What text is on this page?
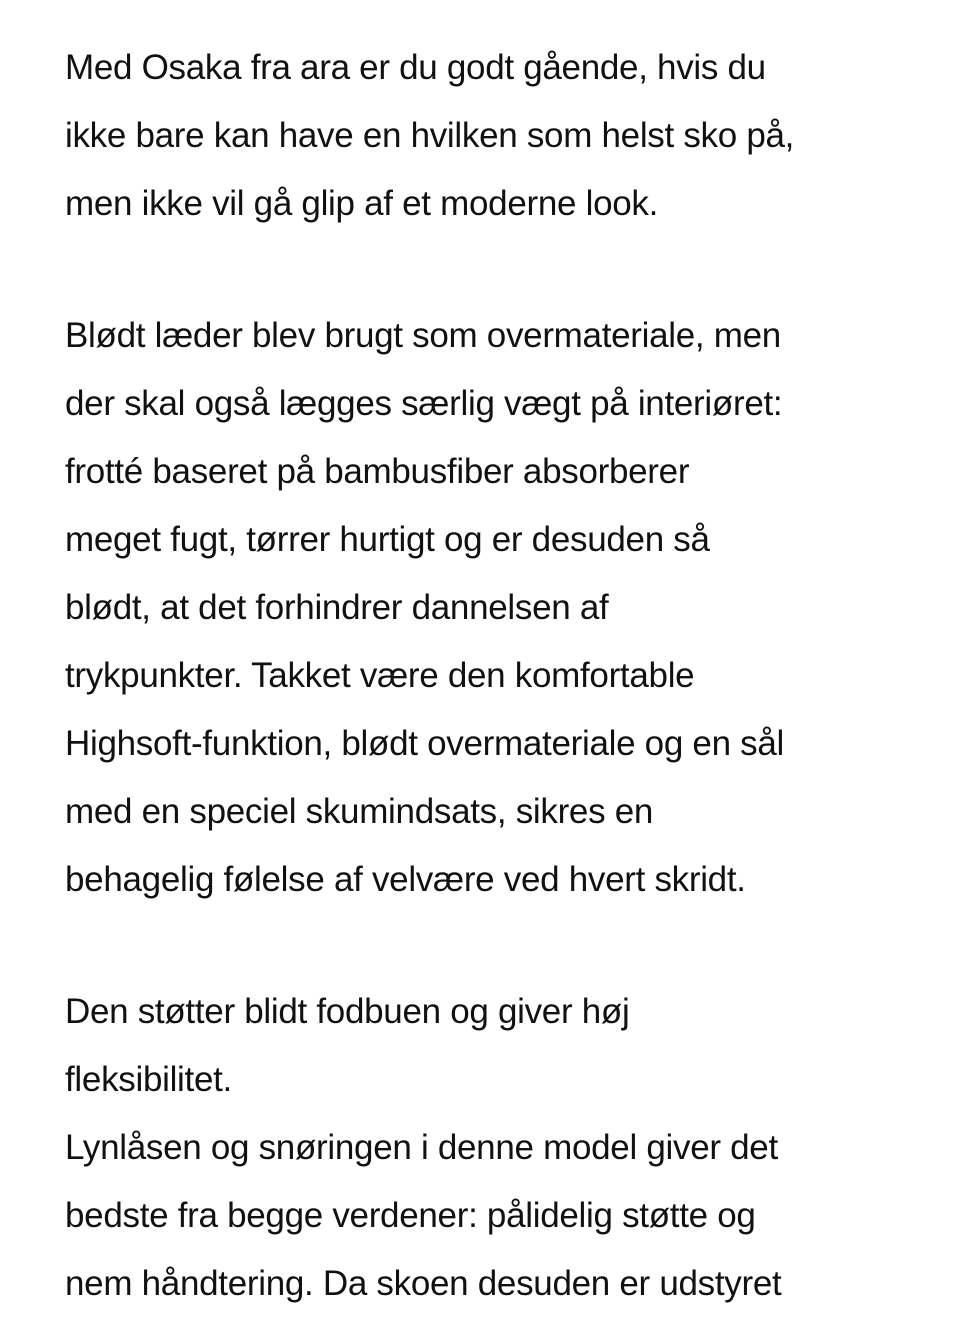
Med Osaka fra ara er du godt gående, hvis du
ikke bare kan have en hvilken som helst sko på,
men ikke vil gå glip af et moderne look.
Blødt læder blev brugt som overmateriale, men
der skal også lægges særlig vægt på interiøret:
frotté baseret på bambusfiber absorberer
meget fugt, tørrer hurtigt og er desuden så
blødt, at det forhindrer dannelsen af
trykpunkter. Takket være den komfortable
Highsoft-funktion, blødt overmateriale og en sål
med en speciel skumindsats, sikres en
behagelig følelse af velvære ved hvert skridt.
Den støtter blidt fodbuen og giver høj
fleksibilitet.
Lynlåsen og snøringen i denne model giver det
bedste fra begge verdener: pålidelig støtte og
nem håndtering. Da skoen desuden er udstyret
